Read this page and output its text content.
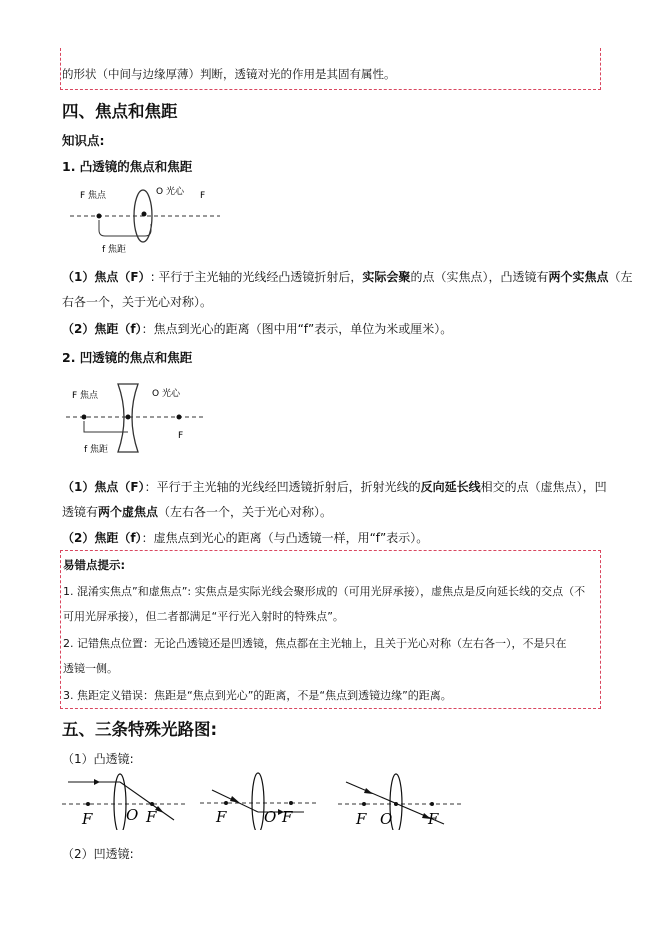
的形状（中间与边缘厚薄）判断，透镜对光的作用是其固有属性。
四、焦点和焦距
知识点:
1. 凸透镜的焦点和焦距
F 焦点	O 光心 F
f 焦距
（1）焦点（F）: 平行于主光轴的光线经凸透镜折射后，实际会聚的点（实焦点），凸透镜有两个实焦点（左
右各一个，关于光心对称）。
（2）焦距（f）：焦点到光心的距离（图中用“f”表示，单位为米或厘米）。
2. 凹透镜的焦点和焦距
F 焦点	O 光心
F
f 焦距
（1）焦点（F）：平行于主光轴的光线经凹透镜折射后，折射光线的反向延长线相交的点（虚焦点），凹
透镜有两个虚焦点（左右各一个，关于光心对称）。
（2）焦距（f）：虚焦点到光心的距离（与凸透镜一样，用“f”表示）。
易错点提示:
1. 混淆实焦点”和虚焦点”: 实焦点是实际光线会聚形成的（可用光屏承接），虚焦点是反向延长线的交点（不
可用光屏承接），但二者都满足“平行光入射时的特殊点”。
2. 记错焦点位置：无论凸透镜还是凹透镜，焦点都在主光轴上，且关于光心对称（左右各一），不是只在
透镜一侧。
3. 焦距定义错误：焦距是“焦点到光心”的距离，不是“焦点到透镜边缘”的距离。
五、三条特殊光路图:
（1）凸透镜:
F O F	F	O F	F O F
（2）凹透镜:
